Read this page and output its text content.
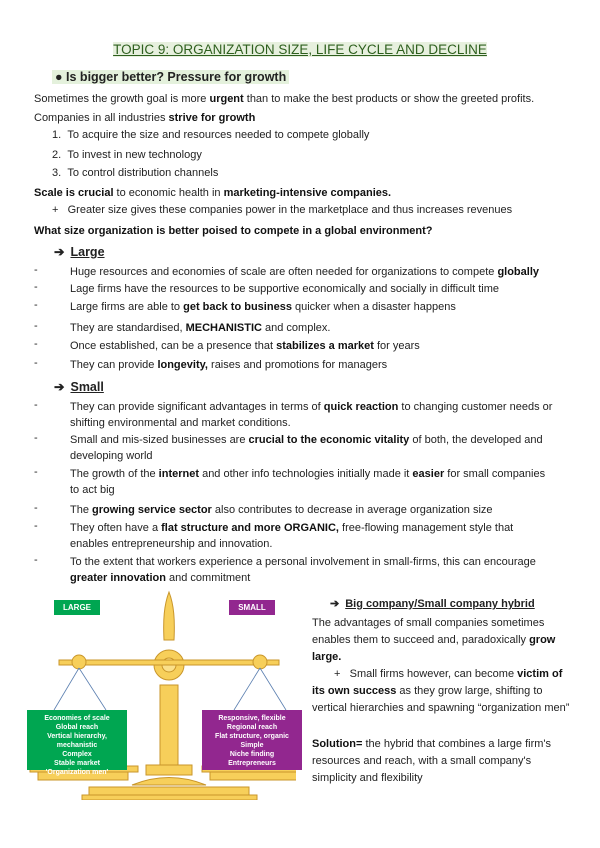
TOPIC 9: ORGANIZATION SIZE, LIFE CYCLE AND DECLINE
● Is bigger better? Pressure for growth
Sometimes the growth goal is more urgent than to make the best products or show the greeted profits.
Companies in all industries strive for growth
1. To acquire the size and resources needed to compete globally
2. To invest in new technology
3. To control distribution channels
Scale is crucial to economic health in marketing-intensive companies.
+ Greater size gives these companies power in the marketplace and thus increases revenues
What size organization is better poised to compete in a global environment?
➔ Large
-	Huge resources and economies of scale are often needed for organizations to compete globally
-	Lage firms have the resources to be supportive economically and socially in difficult time
-	Large firms are able to get back to business quicker when a disaster happens
-	They are standardised, MECHANISTIC and complex.
-	Once established, can be a presence that stabilizes a market for years
-	They can provide longevity, raises and promotions for managers
➔ Small
-	They can provide significant advantages in terms of quick reaction to changing customer needs or shifting environmental and market conditions.
-	Small and mis-sized businesses are crucial to the economic vitality of both, the developed and developing world
-	The growth of the internet and other info technologies initially made it easier for small companies to act big
-	The growing service sector also contributes to decrease in average organization size
-	They often have a flat structure and more ORGANIC, free-flowing management style that enables entrepreneurship and innovation.
-	To the extent that workers experience a personal involvement in small-firms, this can encourage greater innovation and commitment
LARGE	SMALL
Economies of scale
Global reach
Vertical hierarchy, mechanistic
Complex
Stable market
'Organization men'
Responsive, flexible
Regional reach
Flat structure, organic
Simple
Niche finding
Entrepreneurs
➔ Big company/Small company hybrid
The advantages of small companies sometimes enables them to succeed and, paradoxically grow large.
+ Small firms however, can become victim of its own success as they grow large, shifting to vertical hierarchies and spawning “organization men”
Solution= the hybrid that combines a large firm's resources and reach, with a small company's simplicity and flexibility
